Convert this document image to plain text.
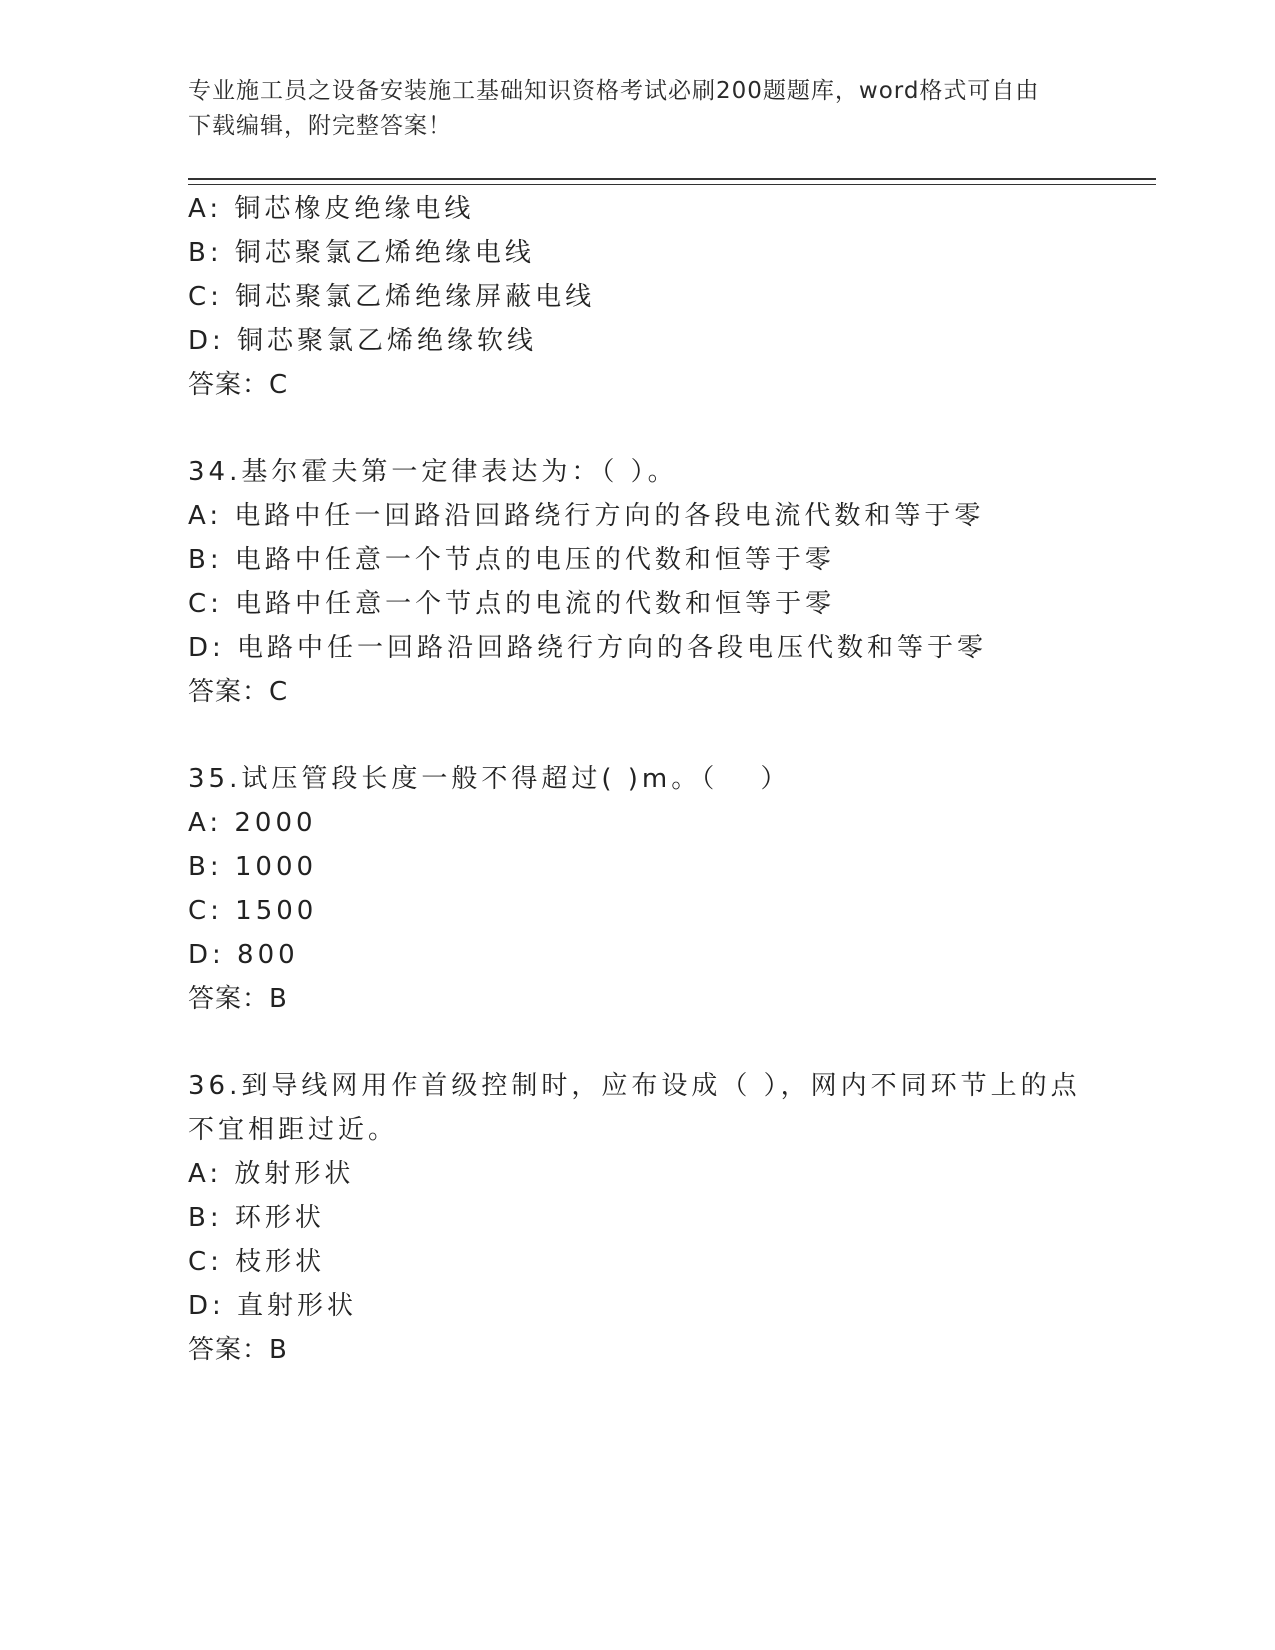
专业施工员之设备安装施工基础知识资格考试必刷200题题库，word格式可自由
下载编辑，附完整答案！
A: 铜芯橡皮绝缘电线
B: 铜芯聚氯乙烯绝缘电线
C: 铜芯聚氯乙烯绝缘屏蔽电线
D: 铜芯聚氯乙烯绝缘软线
答案：C
34.基尔霍夫第一定律表达为：（ ）。
A: 电路中任一回路沿回路绕行方向的各段电流代数和等于零
B: 电路中任意一个节点的电压的代数和恒等于零
C: 电路中任意一个节点的电流的代数和恒等于零
D: 电路中任一回路沿回路绕行方向的各段电压代数和等于零
答案：C
35.试压管段长度一般不得超过( )m。（　 ）
A: 2000
B: 1000
C: 1500
D: 800
答案：B
36.到导线网用作首级控制时，应布设成（ ），网内不同环节上的点
不宜相距过近。
A: 放射形状
B: 环形状
C: 枝形状
D: 直射形状
答案：B
